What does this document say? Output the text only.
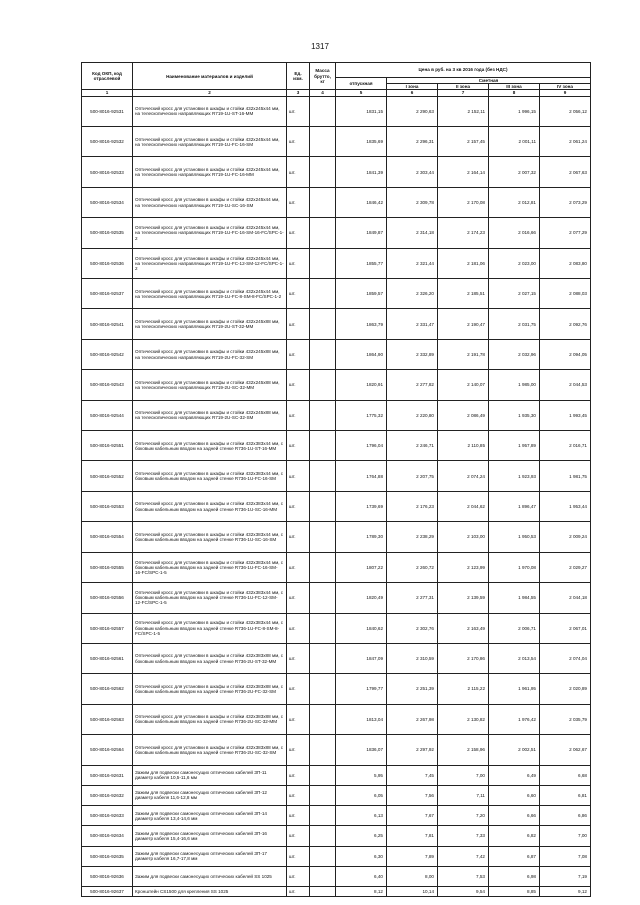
1317
Код ОКП, код отраслевой	Наименование материалов и изделий	Ед. изм.	Масса брутто, кг	Цена в руб. на 3 кв 2016 года (без НДС)				
				отпускная	Сметная			
					I зона	II зона	III зона	IV зона
1	2	3	4	5	6	7	8	9
500-8016-92531	Оптический кросс для установки в шкафы и стойки 432х245х44 мм, на телескопических направляющих R719-1U-ST-16-MM	шт.		1831,15	2 290,63	2 152,11	1 996,15	2 056,12
500-8016-92532	Оптический кросс для установки в шкафы и стойки 432х245х44 мм, на телескопических направляющих R719-1U-FC-16-SM	шт.		1835,69	2 296,31	2 157,45	2 001,11	2 061,24
500-8016-92533	Оптический кросс для установки в шкафы и стойки 432х245х44 мм, на телескопических направляющих R719-1U-FC-16-MM	шт.		1841,39	2 303,44	2 164,14	2 007,32	2 067,63
500-8016-92534	Оптический кросс для установки в шкафы и стойки 432х245х44 мм, на телескопических направляющих R719-1U-SC-16-SM	шт.		1846,42	2 309,78	2 170,08	2 012,81	2 073,29
500-8016-92535	Оптический кросс для установки в шкафы и стойки 432х245х44 мм, на телескопических направляющих R719-1U-FC-16-SM-16-FC/SPC-1-2	шт.		1849,87	2 314,18	2 174,23	2 016,66	2 077,29
500-8016-92536	Оптический кросс для установки в шкафы и стойки 432х245х44 мм, на телескопических направляющих R719-1U-FC-12-SM-12-FC/SPC-1-2	шт.		1855,77	2 321,44	2 181,06	2 023,00	2 083,80
500-8016-92537	Оптический кросс для установки в шкафы и стойки 432х245х44 мм, на телескопических направляющих R719-1U-FC-8-SM-8-FC/SPC-1-2	шт.		1859,57	2 326,20	2 185,51	2 027,15	2 088,03
500-8016-92541	Оптический кросс для установки в шкафы и стойки 432х245х88 мм, на телескопических направляющих R719-2U-ST-32-MM	шт.		1863,79	2 331,47	2 190,47	2 031,75	2 092,76
500-8016-92542	Оптический кросс для установки в шкафы и стойки 432х245х88 мм, на телескопических направляющих R719-2U-FC-32-SM	шт.		1864,90	2 332,89	2 191,78	2 032,96	2 094,05
500-8016-92543	Оптический кросс для установки в шкафы и стойки 432х245х88 мм, на телескопических направляющих R719-2U-SC-32-MM	шт.		1820,91	2 277,82	2 140,07	1 985,00	2 044,53
500-8016-92544	Оптический кросс для установки в шкафы и стойки 432х245х88 мм, на телескопических направляющих R719-2U-SC-32-SM	шт.		1775,32	2 220,80	2 086,49	1 935,30	1 993,45
500-8016-92551	Оптический кросс для установки в шкафы и стойки 432х383х44 мм, с боковым кабельным вводом на задней стенке R736-1U-ST-16-MM	шт.		1796,04	2 246,71	2 110,85	1 957,89	2 016,71
500-8016-92552	Оптический кросс для установки в шкафы и стойки 432х383х44 мм, с боковым кабельным вводом на задней стенке R736-1U-FC-16-SM	шт.		1764,88	2 207,75	2 074,24	1 923,93	1 981,75
500-8016-92553	Оптический кросс для установки в шкафы и стойки 432х383х44 мм, с боковым кабельным вводом на задней стенке R736-1U-SC-16-MM	шт.		1739,69	2 176,23	2 044,62	1 896,47	1 953,44
500-8016-92554	Оптический кросс для установки в шкафы и стойки 432х383х44 мм, с боковым кабельным вводом на задней стенке R736-1U-SC-16-SM	шт.		1789,30	2 238,29	2 103,00	1 950,53	2 009,24
500-8016-92555	Оптический кросс для установки в шкафы и стойки 432х383х44 мм, с боковым кабельным вводом на задней стенке R736-1U-FC-16-SM-16-FC/SPC-1-5	шт.		1807,22	2 260,72	2 123,99	1 970,08	2 029,27
500-8016-92556	Оптический кросс для установки в шкафы и стойки 432х383х44 мм, с боковым кабельным вводом на задней стенке R736-1U-FC-12-SM-12-FC/SPC-1-5	шт.		1820,49	2 277,31	2 139,59	1 984,55	2 044,18
500-8016-92557	Оптический кросс для установки в шкафы и стойки 432х383х44 мм, с боковым кабельным вводом на задней стенке R736-1U-FC-8-SM-8-FC/SPC-1-5	шт.		1840,62	2 302,76	2 163,49	2 006,71	2 067,01
500-8016-92561	Оптический кросс для установки в шкафы и стойки 432х383х88 мм, с боковым кабельным вводом на задней стенке R736-2U-ST-32-MM	шт.		1847,09	2 310,59	2 170,86	2 013,54	2 074,04
500-8016-92562	Оптический кросс для установки в шкафы и стойки 432х383х88 мм, с боковым кабельным вводом на задней стенке R736-2U-FC-32-SM	шт.		1799,77	2 251,39	2 115,22	1 961,95	2 020,89
500-8016-92563	Оптический кросс для установки в шкафы и стойки 432х383х88 мм, с боковым кабельным вводом на задней стенке R736-2U-SC-32-MM	шт.		1813,04	2 267,98	2 130,82	1 976,42	2 035,79
500-8016-92564	Оптический кросс для установки в шкафы и стойки 432х383х88 мм, с боковым кабельным вводом на задней стенке R736-2U-SC-32-SM	шт.		1836,07	2 297,92	2 158,96	2 002,51	2 062,67
500-8016-92631	Зажим для подвески самонесущих оптических кабелей ЗП-11 диаметр кабеля 10,5-11,6 мм	шт.		5,95	7,45	7,00	6,49	6,68
500-8016-92632	Зажим для подвески самонесущих оптических кабелей ЗП-12 диаметр кабеля 11,6-12,8 мм	шт.		6,05	7,56	7,11	6,60	6,81
500-8016-92633	Зажим для подвески самонесущих оптических кабелей ЗП-14 диаметр кабеля 13,4-14,6 мм	шт.		6,13	7,67	7,20	6,66	6,86
500-8016-92634	Зажим для подвески самонесущих оптических кабелей ЗП-16 диаметр кабеля 15,4-16,6 мм	шт.		6,25	7,81	7,33	6,82	7,00
500-8016-92635	Зажим для подвески самонесущих оптических кабелей ЗП-17 диаметр кабеля 16,7-17,8 мм	шт.		6,30	7,89	7,42	6,87	7,08
500-8016-92636	Зажим для подвески самонесущих оптических кабелей SS 1025	шт.		6,40	8,00	7,53	6,98	7,19
500-8016-92637	Кронштейн CS1500 для крепления SS 1025	шт.		8,12	10,14	9,54	8,85	9,12
